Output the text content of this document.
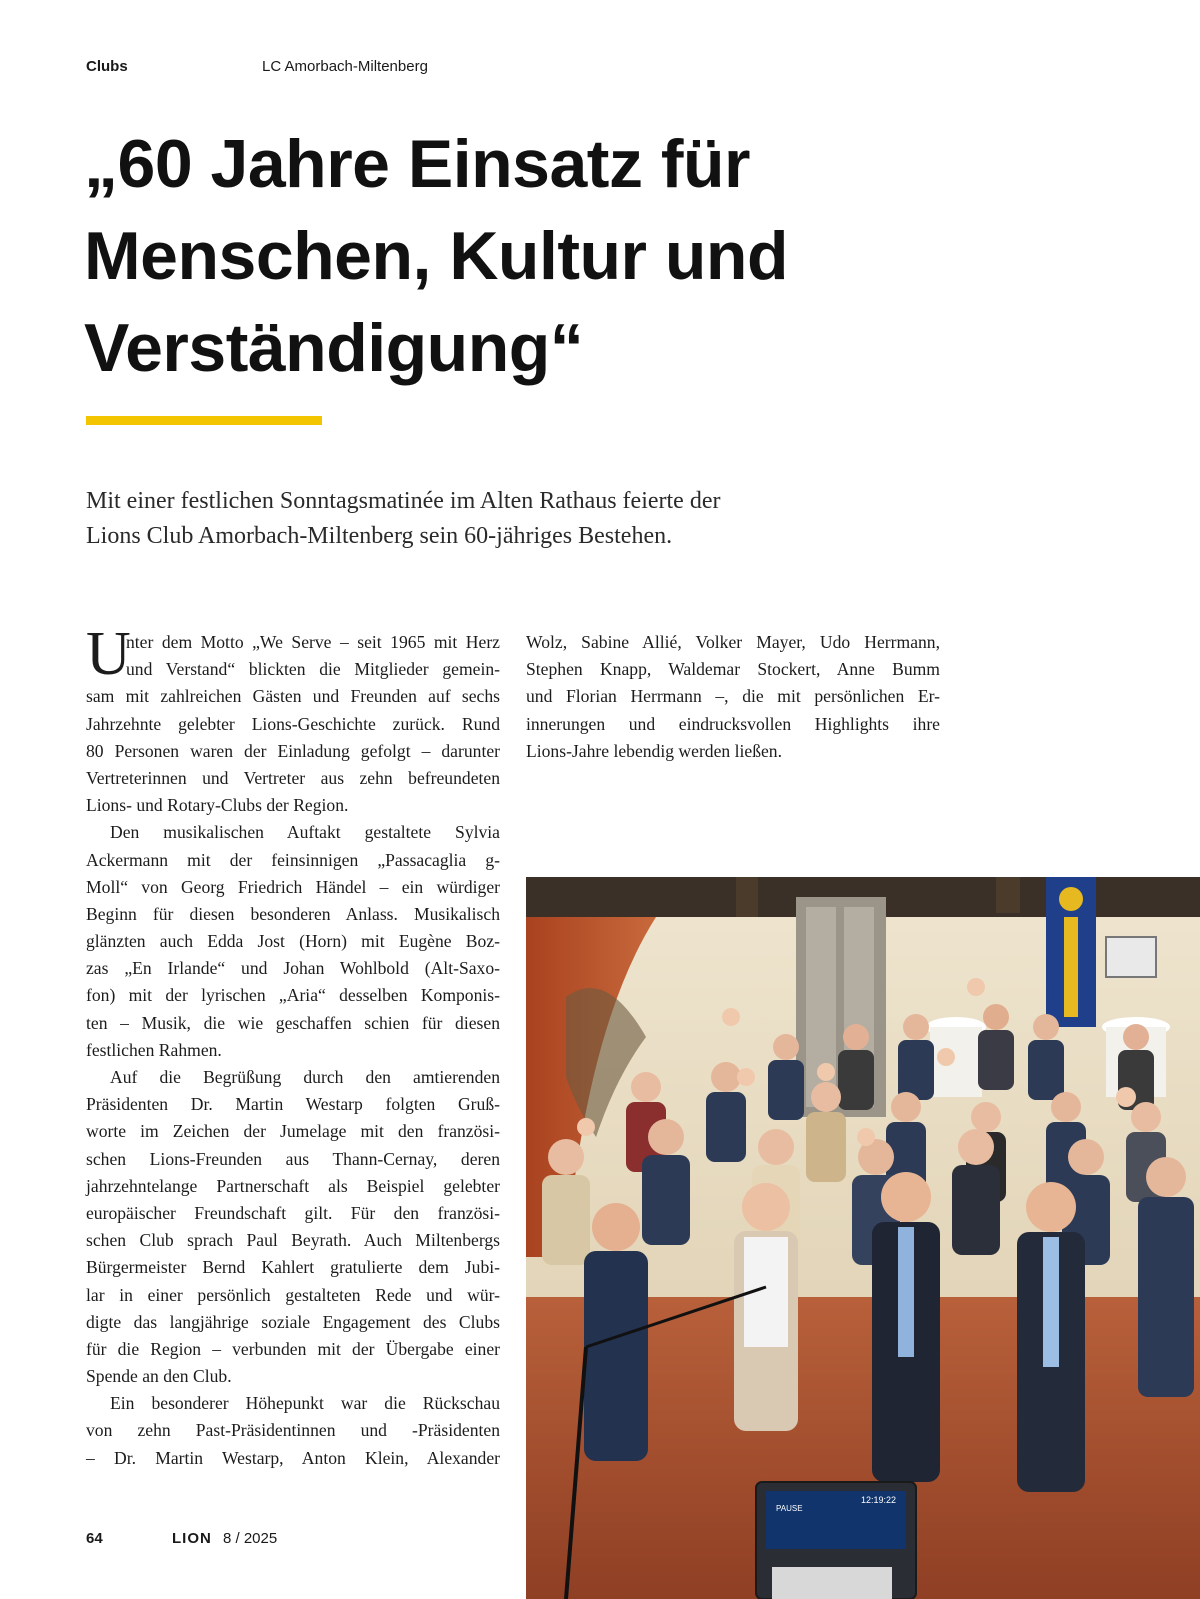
Clubs	LC Amorbach-Miltenberg
„60 Jahre Einsatz für
Menschen, Kultur und
Verständigung“
Mit einer festlichen Sonntagsmatinée im Alten Rathaus feierte der
Lions Club Amorbach-Miltenberg sein 60-jähriges Bestehen.
U
nter dem Motto „We Serve – seit 1965 mit Herz
und Verstand“ blickten die Mitglieder gemein-
sam mit zahlreichen Gästen und Freunden auf sechs
Jahrzehnte gelebter Lions-Geschichte zurück. Rund
80 Personen waren der Einladung gefolgt – darunter
Vertreterinnen und Vertreter aus zehn befreundeten
Lions- und Rotary-Clubs der Region.
Den musikalischen Auftakt gestaltete Sylvia
Ackermann mit der feinsinnigen „Passacaglia g-
Moll“ von Georg Friedrich Händel – ein würdiger
Beginn für diesen besonderen Anlass. Musikalisch
glänzten auch Edda Jost (Horn) mit Eugène Boz-
zas „En Irlande“ und Johan Wohlbold (Alt-Saxo-
fon) mit der lyrischen „Aria“ desselben Komponis-
ten – Musik, die wie geschaffen schien für diesen
festlichen Rahmen.
Auf die Begrüßung durch den amtierenden
Präsidenten Dr. Martin Westarp folgten Gruß-
worte im Zeichen der Jumelage mit den französi-
schen Lions-Freunden aus Thann-Cernay, deren
jahrzehntelange Partnerschaft als Beispiel gelebter
europäischer Freundschaft gilt. Für den französi-
schen Club sprach Paul Beyrath. Auch Miltenbergs
Bürgermeister Bernd Kahlert gratulierte dem Jubi-
lar in einer persönlich gestalteten Rede und wür-
digte das langjährige soziale Engagement des Clubs
für die Region – verbunden mit der Übergabe einer
Spende an den Club.
Ein besonderer Höhepunkt war die Rückschau
von zehn Past-Präsidentinnen und -Präsidenten
– Dr. Martin Westarp, Anton Klein, Alexander
Wolz, Sabine Allié, Volker Mayer, Udo Herrmann,
Stephen Knapp, Waldemar Stockert, Anne Bumm
und Florian Herrmann –, die mit persönlichen Er-
innerungen und eindrucksvollen Highlights ihre
Lions-Jahre lebendig werden ließen.
PAUSE
12:19:22
64	LION 8 / 2025
